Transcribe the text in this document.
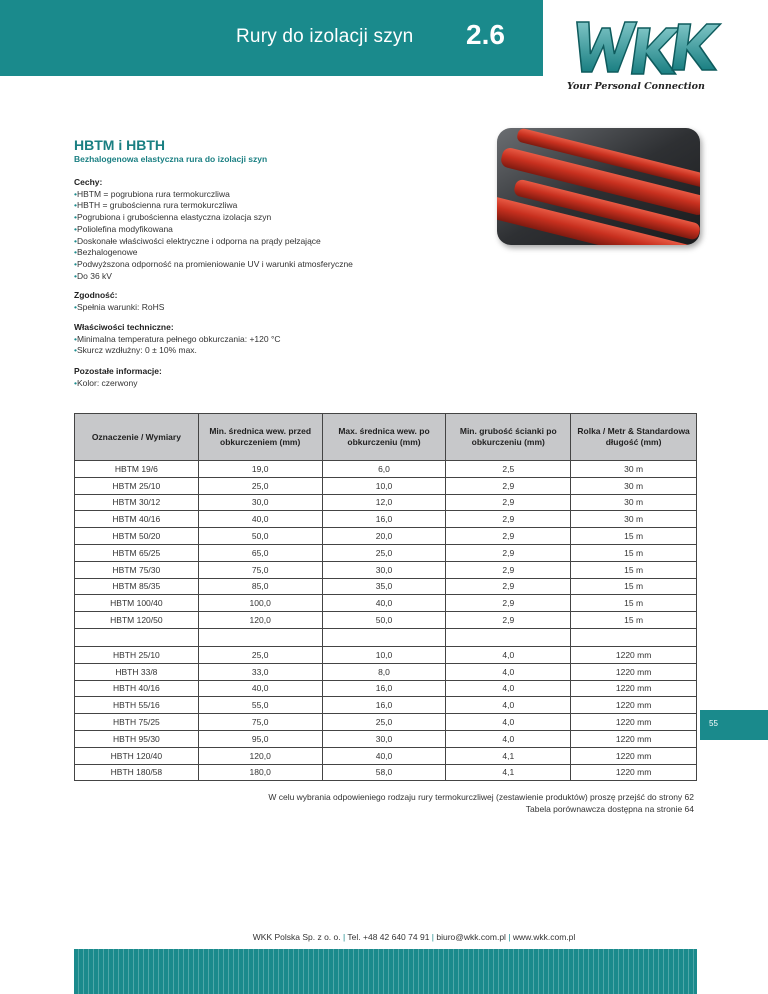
Rury do izolacji szyn 2.6
Your Personal Connection
HBTM i HBTH
Bezhalogenowa elastyczna rura do izolacji szyn
Cechy:
• HBTM = pogrubiona rura termokurczliwa
• HBTH = grubościenna rura termokurczliwa
• Pogrubiona i grubościenna elastyczna izolacja szyn
• Poliolefina modyfikowana
• Doskonałe właściwości elektryczne i odporna na prądy pełzające
• Bezhalogenowe
• Podwyższona odporność na promieniowanie UV i warunki atmosferyczne
• Do 36 kV
Zgodność:
• Spełnia warunki: RoHS
Właściwości techniczne:
• Minimalna temperatura pełnego obkurczania: +120 °C
• Skurcz wzdłużny: 0 ± 10% max.
Pozostałe informacje:
• Kolor: czerwony
Oznaczenie / Wymiary	Min. średnica wew. przed obkurczeniem (mm)	Max. średnica wew. po obkurczeniu (mm)	Min. grubość ścianki po obkurczeniu (mm)	Rolka / Metr & Standardowa długość (mm)
HBTM 19/6	19,0	6,0	2,5	30 m
HBTM 25/10	25,0	10,0	2,9	30 m
HBTM 30/12	30,0	12,0	2,9	30 m
HBTM 40/16	40,0	16,0	2,9	30 m
HBTM 50/20	50,0	20,0	2,9	15 m
HBTM 65/25	65,0	25,0	2,9	15 m
HBTM 75/30	75,0	30,0	2,9	15 m
HBTM 85/35	85,0	35,0	2,9	15 m
HBTM 100/40	100,0	40,0	2,9	15 m
HBTM 120/50	120,0	50,0	2,9	15 m

HBTH 25/10	25,0	10,0	4,0	1220 mm
HBTH 33/8	33,0	8,0	4,0	1220 mm
HBTH 40/16	40,0	16,0	4,0	1220 mm
HBTH 55/16	55,0	16,0	4,0	1220 mm
HBTH 75/25	75,0	25,0	4,0	1220 mm
HBTH 95/30	95,0	30,0	4,0	1220 mm
HBTH 120/40	120,0	40,0	4,1	1220 mm
HBTH 180/58	180,0	58,0	4,1	1220 mm
55
W celu wybrania odpowieniego rodzaju rury termokurczliwej (zestawienie produktów) proszę przejść do strony 62
Tabela porównawcza dostępna na stronie 64
WKK Polska Sp. z o. o. | Tel. +48 42 640 74 91 | biuro@wkk.com.pl | www.wkk.com.pl
